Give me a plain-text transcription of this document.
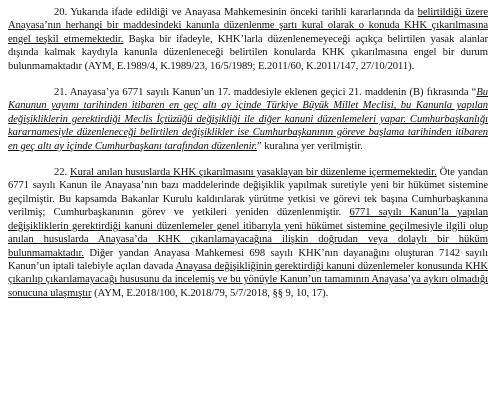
20. Yukarıda ifade edildiği ve Anayasa Mahkemesinin önceki tarihli kararlarında da belirtildiği üzere Anayasa’nın herhangi bir maddesindeki kanunla düzenlenme şartı kural olarak o konuda KHK çıkarılmasına engel teşkil etmemektedir. Başka bir ifadeyle, KHK’larla düzenlenemeyeceği açıkça belirtilen yasak alanlar dışında kalmak kaydıyla kanunla düzenleneceği belirtilen konularda KHK çıkarılmasına engel bir durum bulunmamaktadır (AYM, E.1989/4, K.1989/23, 16/5/1989; E.2011/60, K.2011/147, 27/10/2011).

21. Anayasa’ya 6771 sayılı Kanun’un 17. maddesiyle eklenen geçici 21. maddenin (B) fıkrasında “Bu Kanunun yayımı tarihinden itibaren en geç altı ay içinde Türkiye Büyük Millet Meclisi, bu Kanunla yapılan değişikliklerin gerektirdiği Meclis İçtüzüğü değişikliği ile diğer kanuni düzenlemeleri yapar. Cumhurbaşkanlığı kararnamesiyle düzenleneceği belirtilen değişiklikler ise Cumhurbaşkanının göreve başlama tarihinden itibaren en geç altı ay içinde Cumhurbaşkanı tarafından düzenlenir.” kuralına yer verilmiştir.

22. Kural anılan hususlarda KHK çıkarılmasını yasaklayan bir düzenleme içermemektedir. Öte yandan 6771 sayılı Kanun ile Anayasa’nın bazı maddelerinde değişiklik yapılmak suretiyle yeni bir hükümet sistemine geçilmiştir. Bu kapsamda Bakanlar Kurulu kaldırılarak yürütme yetkisi ve görevi tek başına Cumhurbaşkanına verilmiş; Cumhurbaşkanının görev ve yetkileri yeniden düzenlenmiştir. 6771 sayılı Kanun’la yapılan değişikliklerin gerektirdiği kanuni düzenlemeler genel itibarıyla yeni hükümet sistemine geçilmesiyle ilgili olup anılan hususlarda Anayasa’da KHK çıkarılamayacağına ilişkin doğrudan veya dolaylı bir hüküm bulunmamaktadır. Diğer yandan Anayasa Mahkemesi 698 sayılı KHK’nın dayanağını oluşturan 7142 sayılı Kanun’un iptali talebiyle açılan davada Anayasa değişikliğinin gerektirdiği kanuni düzenlemeler konusunda KHK çıkarılıp çıkarılamayacağı hususunu da incelemiş ve bu yönüyle Kanun’un tamamının Anayasa’ya aykırı olmadığı sonucuna ulaşmıştır (AYM, E.2018/100, K.2018/79, 5/7/2018, §§ 9, 10, 17).
